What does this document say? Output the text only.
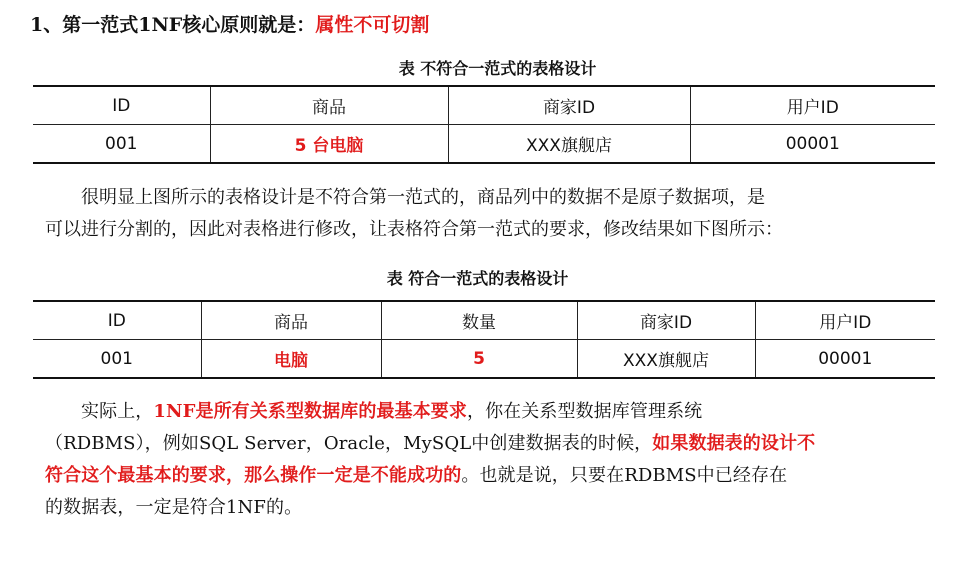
1、第一范式1NF核心原则就是：属性不可切割
表 不符合一范式的表格设计
ID	商品	商家ID	用户ID
001	5 台电脑	XXX旗舰店	00001
很明显上图所示的表格设计是不符合第一范式的，商品列中的数据不是原子数据项，是
可以进行分割的，因此对表格进行修改，让表格符合第一范式的要求，修改结果如下图所示：
表 符合一范式的表格设计
ID	商品	数量	商家ID	用户ID
001	电脑	5	XXX旗舰店	00001
实际上，1NF是所有关系型数据库的最基本要求，你在关系型数据库管理系统
（RDBMS），例如SQL Server，Oracle，MySQL中创建数据表的时候，如果数据表的设计不
符合这个最基本的要求，那么操作一定是不能成功的。也就是说，只要在RDBMS中已经存在
的数据表，一定是符合1NF的。
